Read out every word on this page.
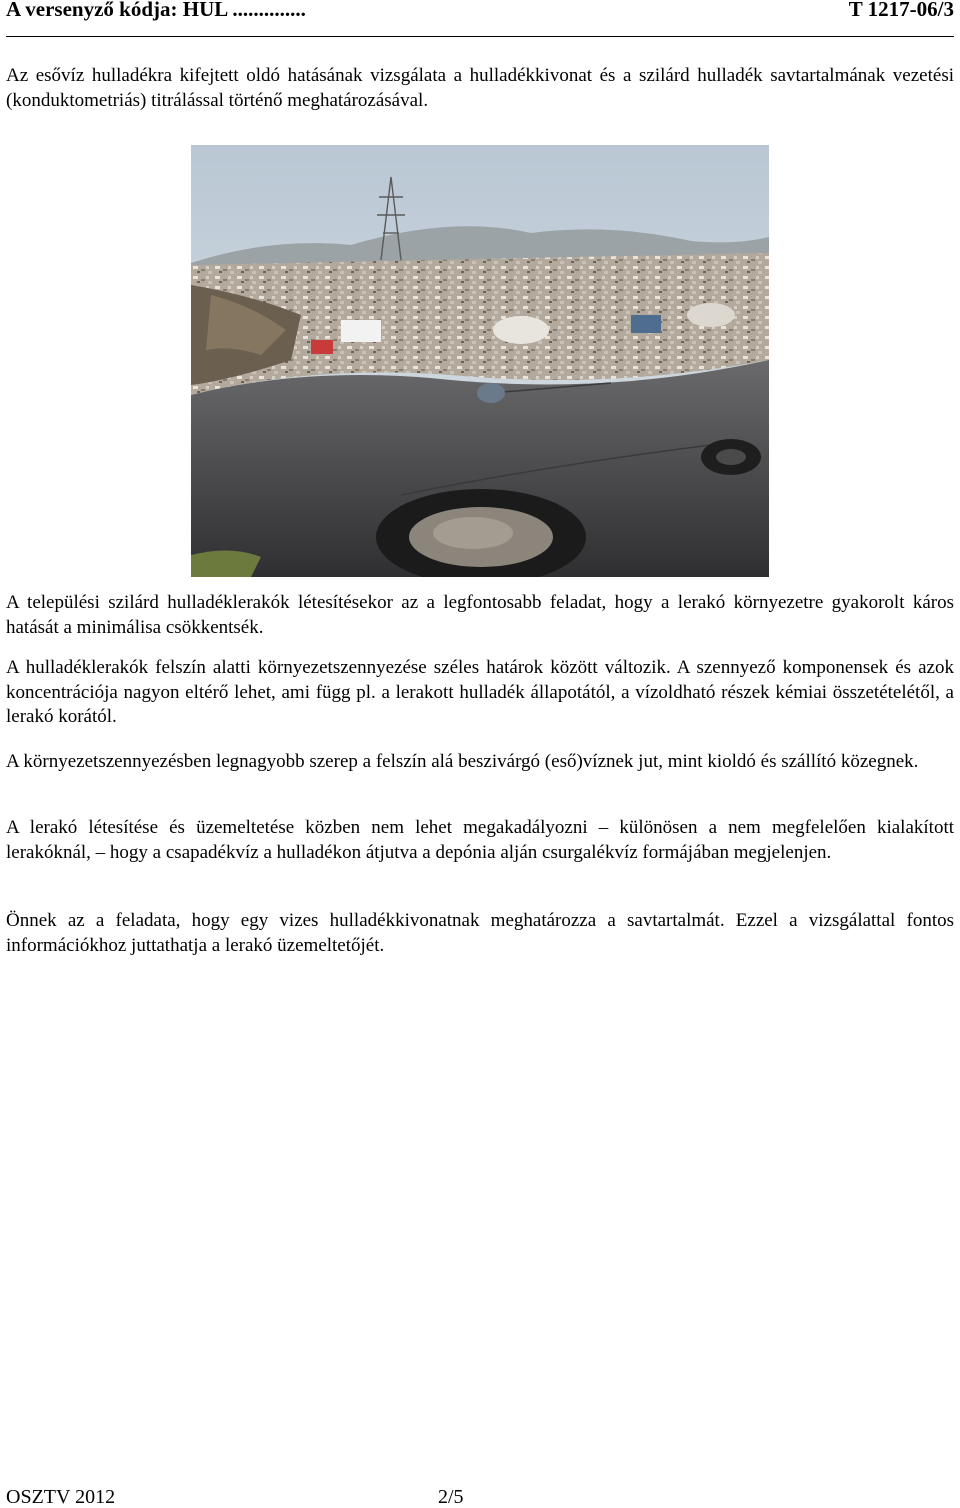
A versenyző kódja: HUL ..............	T 1217-06/3

Az esővíz hulladékra kifejtett oldó hatásának vizsgálata a hulladékkivonat és a szilárd hulladék savtartalmának vezetési (konduktometriás) titrálással történő meghatározásával.

A települési szilárd hulladéklerakók létesítésekor az a legfontosabb feladat, hogy a lerakó környezetre gyakorolt káros hatását a minimálisa csökkentsék.

A hulladéklerakók felszín alatti környezetszennyezése széles határok között változik. A szennyező komponensek és azok koncentrációja nagyon eltérő lehet, ami függ pl. a lerakott hulladék állapotától, a vízoldható részek kémiai összetételétől, a lerakó korától.

A környezetszennyezésben legnagyobb szerep a felszín alá beszivárgó (eső)víznek jut, mint kioldó és szállító közegnek.

A lerakó létesítése és üzemeltetése közben nem lehet megakadályozni – különösen a nem megfelelően kialakított lerakóknál, – hogy a csapadékvíz a hulladékon átjutva a depónia alján csurgalékvíz formájában megjelenjen.

Önnek az a feladata, hogy egy vizes hulladékkivonatnak meghatározza a savtartalmát. Ezzel a vizsgálattal fontos információkhoz juttathatja a lerakó üzemeltetőjét.

OSZTV 2012	2/5
